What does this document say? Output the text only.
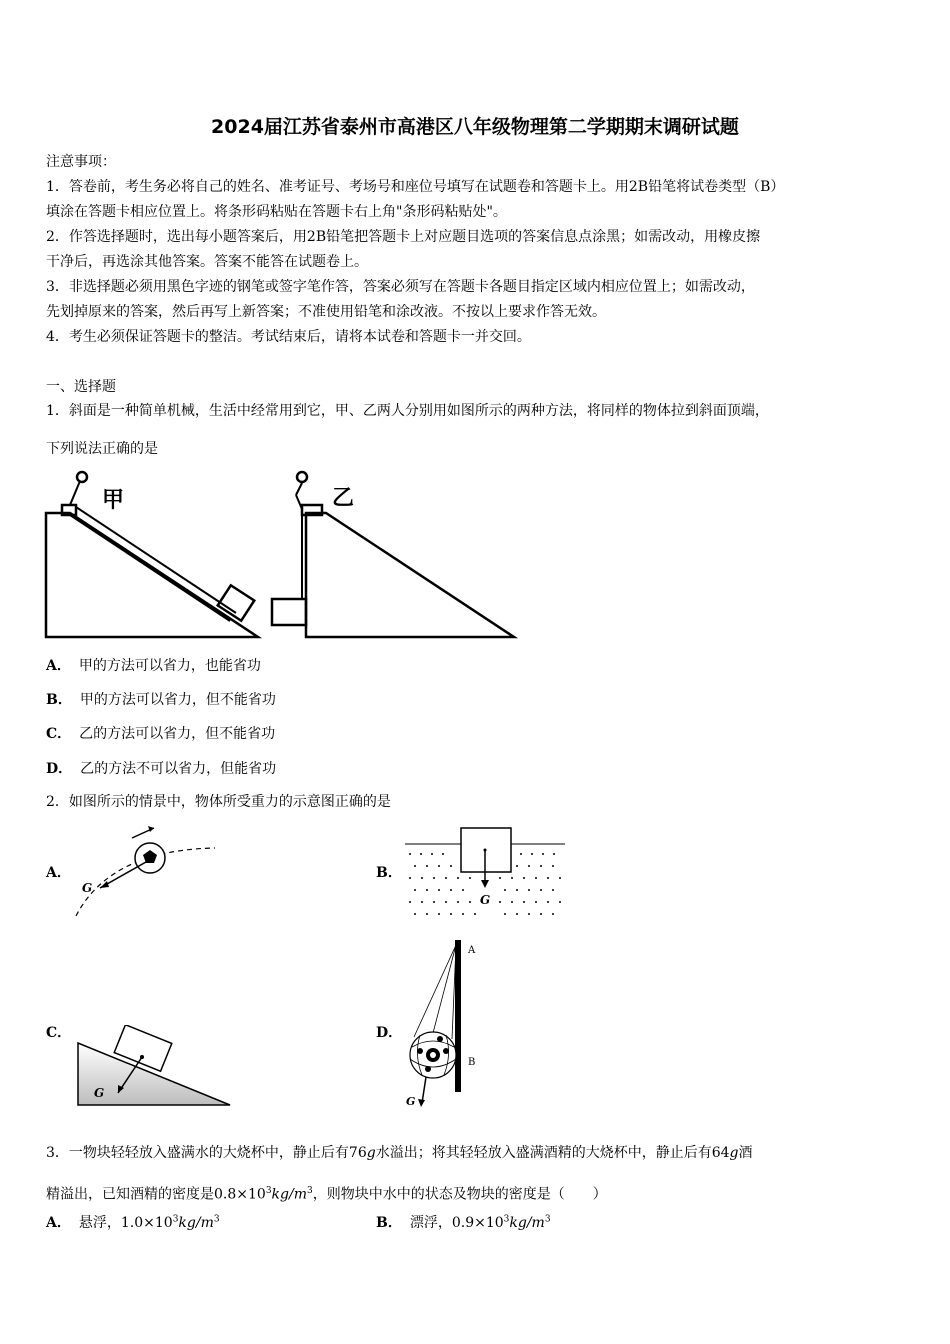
2024届江苏省泰州市高港区八年级物理第二学期期末调研试题
注意事项：
1．答卷前，考生务必将自己的姓名、准考证号、考场号和座位号填写在试题卷和答题卡上。用2B铅笔将试卷类型（B）
填涂在答题卡相应位置上。将条形码粘贴在答题卡右上角"条形码粘贴处"。
2．作答选择题时，选出每小题答案后，用2B铅笔把答题卡上对应题目选项的答案信息点涂黑；如需改动，用橡皮擦
干净后，再选涂其他答案。答案不能答在试题卷上。
3．非选择题必须用黑色字迹的钢笔或签字笔作答，答案必须写在答题卡各题目指定区域内相应位置上；如需改动，
先划掉原来的答案，然后再写上新答案；不准使用铅笔和涂改液。不按以上要求作答无效。
4．考生必须保证答题卡的整洁。考试结束后，请将本试卷和答题卡一并交回。
一、选择题
1．斜面是一种简单机械，生活中经常用到它，甲、乙两人分别用如图所示的两种方法，将同样的物体拉到斜面顶端，
下列说法正确的是
甲	乙
A． 甲的方法可以省力，也能省功
B． 甲的方法可以省力，但不能省功
C． 乙的方法可以省力，但不能省功
D． 乙的方法不可以省力，但能省功
2．如图所示的情景中，物体所受重力的示意图正确的是
A．	B．
C．	D．
G
G
G
A
B
G
3．一物块轻轻放入盛满水的大烧杯中，静止后有76g水溢出；将其轻轻放入盛满酒精的大烧杯中，静止后有64g酒
精溢出，已知酒精的密度是$0.8\times 10^3kg/m^3$，则物块中水中的状态及物块的密度是（　　）
A． 悬浮，$1.0\times 10^3kg/m^3$	B． 漂浮，$0.9\times 10^3kg/m^3$
